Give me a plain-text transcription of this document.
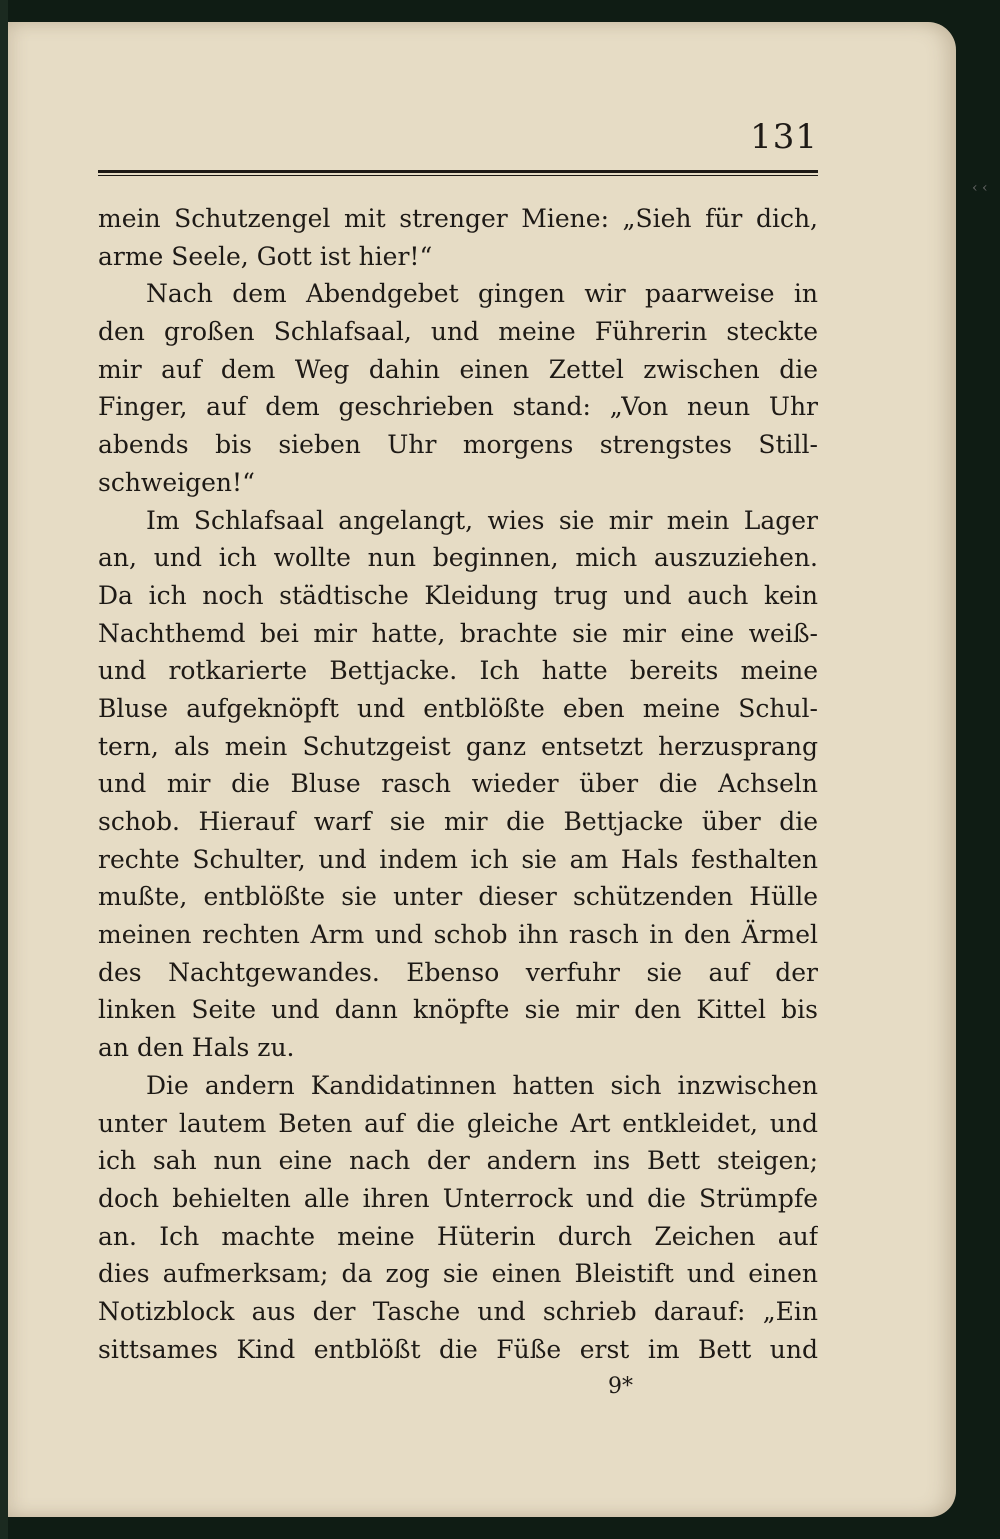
131
mein Schutzengel mit strenger Miene: „Sieh für dich,
arme Seele, Gott ist hier!“
Nach dem Abendgebet gingen wir paarweise in
den großen Schlafsaal, und meine Führerin steckte
mir auf dem Weg dahin einen Zettel zwischen die
Finger, auf dem geschrieben stand: „Von neun Uhr
abends bis sieben Uhr morgens strengstes Still-
schweigen!“
Im Schlafsaal angelangt, wies sie mir mein Lager
an, und ich wollte nun beginnen, mich auszuziehen.
Da ich noch städtische Kleidung trug und auch kein
Nachthemd bei mir hatte, brachte sie mir eine weiß-
und rotkarierte Bettjacke. Ich hatte bereits meine
Bluse aufgeknöpft und entblößte eben meine Schul-
tern, als mein Schutzgeist ganz entsetzt herzusprang
und mir die Bluse rasch wieder über die Achseln
schob. Hierauf warf sie mir die Bettjacke über die
rechte Schulter, und indem ich sie am Hals festhalten
mußte, entblößte sie unter dieser schützenden Hülle
meinen rechten Arm und schob ihn rasch in den Ärmel
des Nachtgewandes. Ebenso verfuhr sie auf der
linken Seite und dann knöpfte sie mir den Kittel bis
an den Hals zu.
Die andern Kandidatinnen hatten sich inzwischen
unter lautem Beten auf die gleiche Art entkleidet, und
ich sah nun eine nach der andern ins Bett steigen;
doch behielten alle ihren Unterrock und die Strümpfe
an. Ich machte meine Hüterin durch Zeichen auf
dies aufmerksam; da zog sie einen Bleistift und einen
Notizblock aus der Tasche und schrieb darauf: „Ein
sittsames Kind entblößt die Füße erst im Bett und
9*
‹ ‹
